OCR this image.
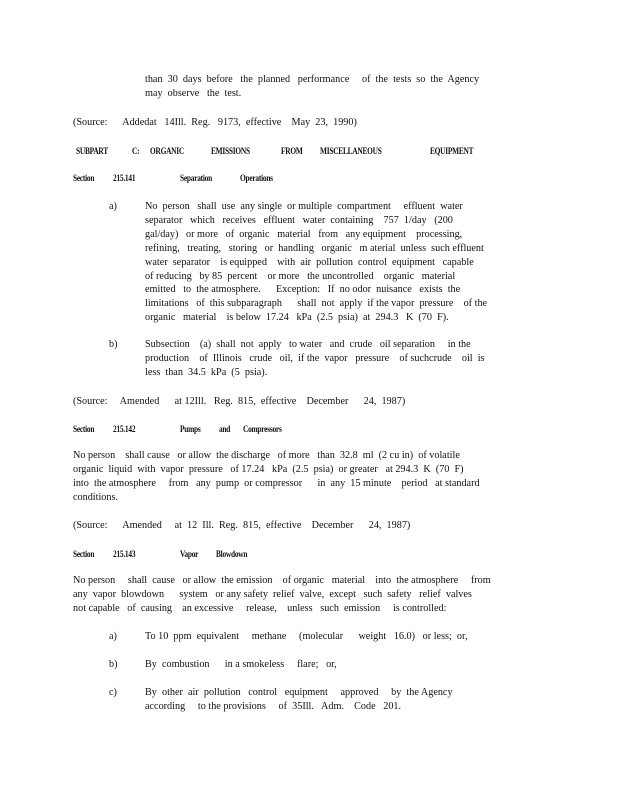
than  30  days  before   the  planned   performance     of  the  tests  so  the  Agency
may  observe   the  test.
(Source:      Addedat   14Ill.  Reg.   9173,  effective    May  23,  1990)
SUBPART	C: ORGANIC	EMISSIONS	FROM MISCELLANEOUS	EQUIPMENT
Section 215.141	Separation	Operations
a)	No  person   shall  use  any single  or multiple  compartment     effluent  water
separator   which   receives   effluent   water  containing    757  1/day   (200
gal/day)   or more   of  organic   material   from   any equipment    processing,
refining,   treating,   storing   or  handling   organic   m aterial  unless  such effluent
water  separator    is equipped    with  air  pollution  control  equipment   capable
of reducing   by 85  percent    or more   the uncontrolled    organic   material
emitted   to  the atmosphere.      Exception:   If  no odor  nuisance   exists  the
limitations   of  this subparagraph      shall  not  apply  if the vapor  pressure    of the
organic   material    is below  17.24   kPa  (2.5  psia)  at  294.3   K  (70  F).
b)	Subsection    (a)  shall  not  apply   to water   and  crude   oil separation     in the
production    of  Illinois   crude   oil,  if the  vapor   pressure    of suchcrude    oil  is
less  than  34.5  kPa  (5  psia).
(Source:     Amended      at 12Ill.   Reg.  815,  effective    December      24,  1987)
Section 215.142	Pumps and Compressors
No person    shall cause   or allow  the discharge   of more   than  32.8  ml  (2 cu in)  of volatile
organic  liquid  with  vapor  pressure   of 17.24   kPa  (2.5  psia)  or greater   at 294.3  K  (70  F)
into  the atmosphere     from   any  pump  or compressor      in  any  15 minute    period   at standard
conditions.
(Source:      Amended     at  12  Ill.  Reg.  815,  effective    December      24,  1987)
Section 215.143	Vapor Blowdown
No person     shall  cause   or allow  the emission    of organic   material    into  the atmosphere     from
any  vapor  blowdown      system   or any safety  relief  valve,  except   such  safety   relief  valves
not capable   of  causing    an excessive     release,    unless   such  emission     is controlled:
a)	To 10  ppm  equivalent     methane     (molecular      weight   16.0)   or less;  or,
b)	By  combustion      in a smokeless     flare;   or,
c)	By  other  air  pollution   control   equipment     approved     by  the Agency
according     to the provisions     of  35Ill.   Adm.    Code   201.
